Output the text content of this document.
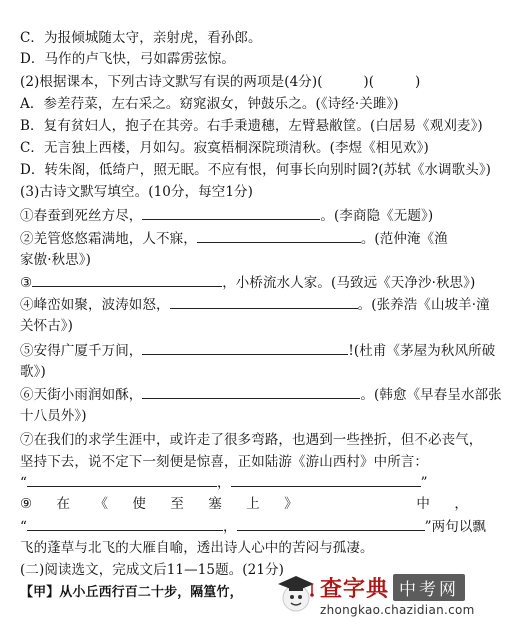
C．为报倾城随太守，亲射虎，看孙郎。
D．马作的卢飞快，弓如霹雳弦惊。
(2)根据课本，下列古诗文默写有误的两项是(4分)(　　　)(　　　)
A．参差荇菜，左右采之。窈窕淑女，钟鼓乐之。(《诗经·关雎》)
B．复有贫妇人，抱子在其旁。右手秉遗穗，左臂悬敝筐。(白居易《观刈麦》)
C．无言独上西楼，月如勾。寂寞梧桐深院琐清秋。(李煜《相见欢》)
D．转朱阁，低绮户，照无眠。不应有恨，何事长向别时圆?(苏轼《水调歌头》)
(3)古诗文默写填空。(10分，每空1分)
①春蚕到死丝方尽，	。(李商隐《无题》)
②羌管悠悠霜满地，人不寐，	。(范仲淹《渔
家傲·秋思》)
③	，小桥流水人家。(马致远《天净沙·秋思》)
④峰峦如聚，波涛如怒，	。(张养浩《山坡羊·潼
关怀古》)
⑤安得广厦千万间，	!(杜甫《茅屋为秋风所破
歌》)
⑥天街小雨润如酥，	。(韩愈《早春呈水部张
十八员外》)
⑦在我们的求学生涯中，或许走了很多弯路，也遇到一些挫折，但不必丧气，
坚持下去，说不定下一刻便是惊喜，正如陆游《游山西村》中所言：
“	，	”
⑨ 在 《 使 至 塞 上 》	中 ，
“	，	”两句以飘
飞的蓬草与北飞的大雁自喻，透出诗人心中的苦闷与孤凄。
(二)阅读选文，完成文后11—15题。(21分)
【甲】从小丘西行百二十步，隔篁竹，	查字典 中考网
zhongkao.chazidian.com
